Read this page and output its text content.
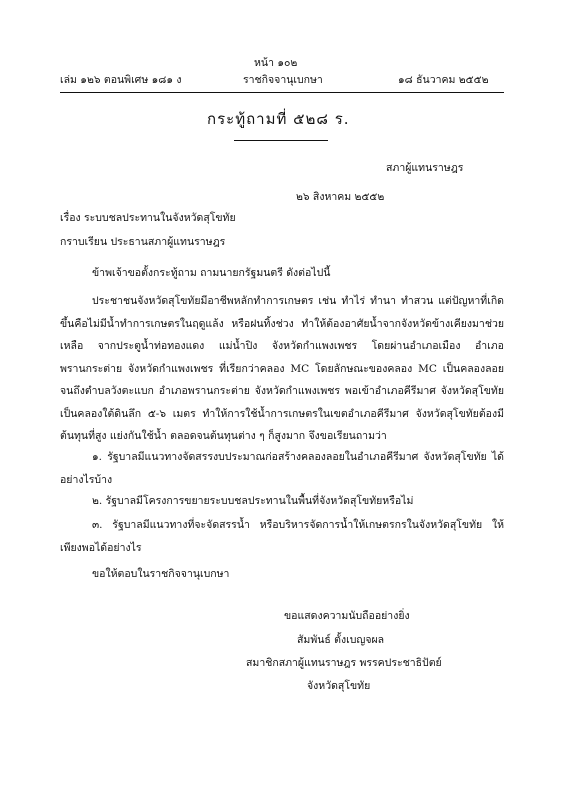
หน้า ๑๐๒
เล่ม ๑๒๖ ตอนพิเศษ ๑๘๑ ง	ราชกิจจานุเบกษา	๑๘ ธันวาคม ๒๕๕๒
กระทู้ถามที่ ๕๒๘ ร.
สภาผู้แทนราษฎร
๒๖ สิงหาคม ๒๕๕๒
เรื่อง ระบบชลประทานในจังหวัดสุโขทัย
กราบเรียน ประธานสภาผู้แทนราษฎร
ข้าพเจ้าขอตั้งกระทู้ถาม ถามนายกรัฐมนตรี ดังต่อไปนี้

ประชาชนจังหวัดสุโขทัยมีอาชีพหลักทำการเกษตร เช่น ทำไร่ ทำนา ทำสวน แต่ปัญหาที่เกิดขึ้นคือไม่มีน้ำทำการเกษตรในฤดูแล้ง หรือฝนทิ้งช่วง ทำให้ต้องอาศัยน้ำจากจังหวัดข้างเคียงมาช่วยเหลือ จากประตูน้ำท่อทองแดง แม่น้ำปิง จังหวัดกำแพงเพชร โดยผ่านอำเภอเมือง อำเภอพรานกระต่าย จังหวัดกำแพงเพชร ที่เรียกว่าคลอง MC โดยลักษณะของคลอง MC เป็นคลองลอยจนถึงตำบลวังตะแบก อำเภอพรานกระต่าย จังหวัดกำแพงเพชร พอเข้าอำเภอคีรีมาศ จังหวัดสุโขทัย เป็นคลองใต้ดินลึก ๕-๖ เมตร ทำให้การใช้น้ำการเกษตรในเขตอำเภอคีรีมาศ จังหวัดสุโขทัยต้องมีต้นทุนที่สูง แย่งกันใช้น้ำ ตลอดจนต้นทุนต่าง ๆ ก็สูงมาก จึงขอเรียนถามว่า

๑. รัฐบาลมีแนวทางจัดสรรงบประมาณก่อสร้างคลองลอยในอำเภอคีรีมาศ จังหวัดสุโขทัย ได้อย่างไรบ้าง

๒. รัฐบาลมีโครงการขยายระบบชลประทานในพื้นที่จังหวัดสุโขทัยหรือไม่

๓. รัฐบาลมีแนวทางที่จะจัดสรรน้ำ หรือบริหารจัดการน้ำให้เกษตรกรในจังหวัดสุโขทัย ให้เพียงพอได้อย่างไร

ขอให้ตอบในราชกิจจานุเบกษา
ขอแสดงความนับถืออย่างยิ่ง
สัมพันธ์ ตั้งเบญจผล
สมาชิกสภาผู้แทนราษฎร พรรคประชาธิปัตย์
จังหวัดสุโขทัย
